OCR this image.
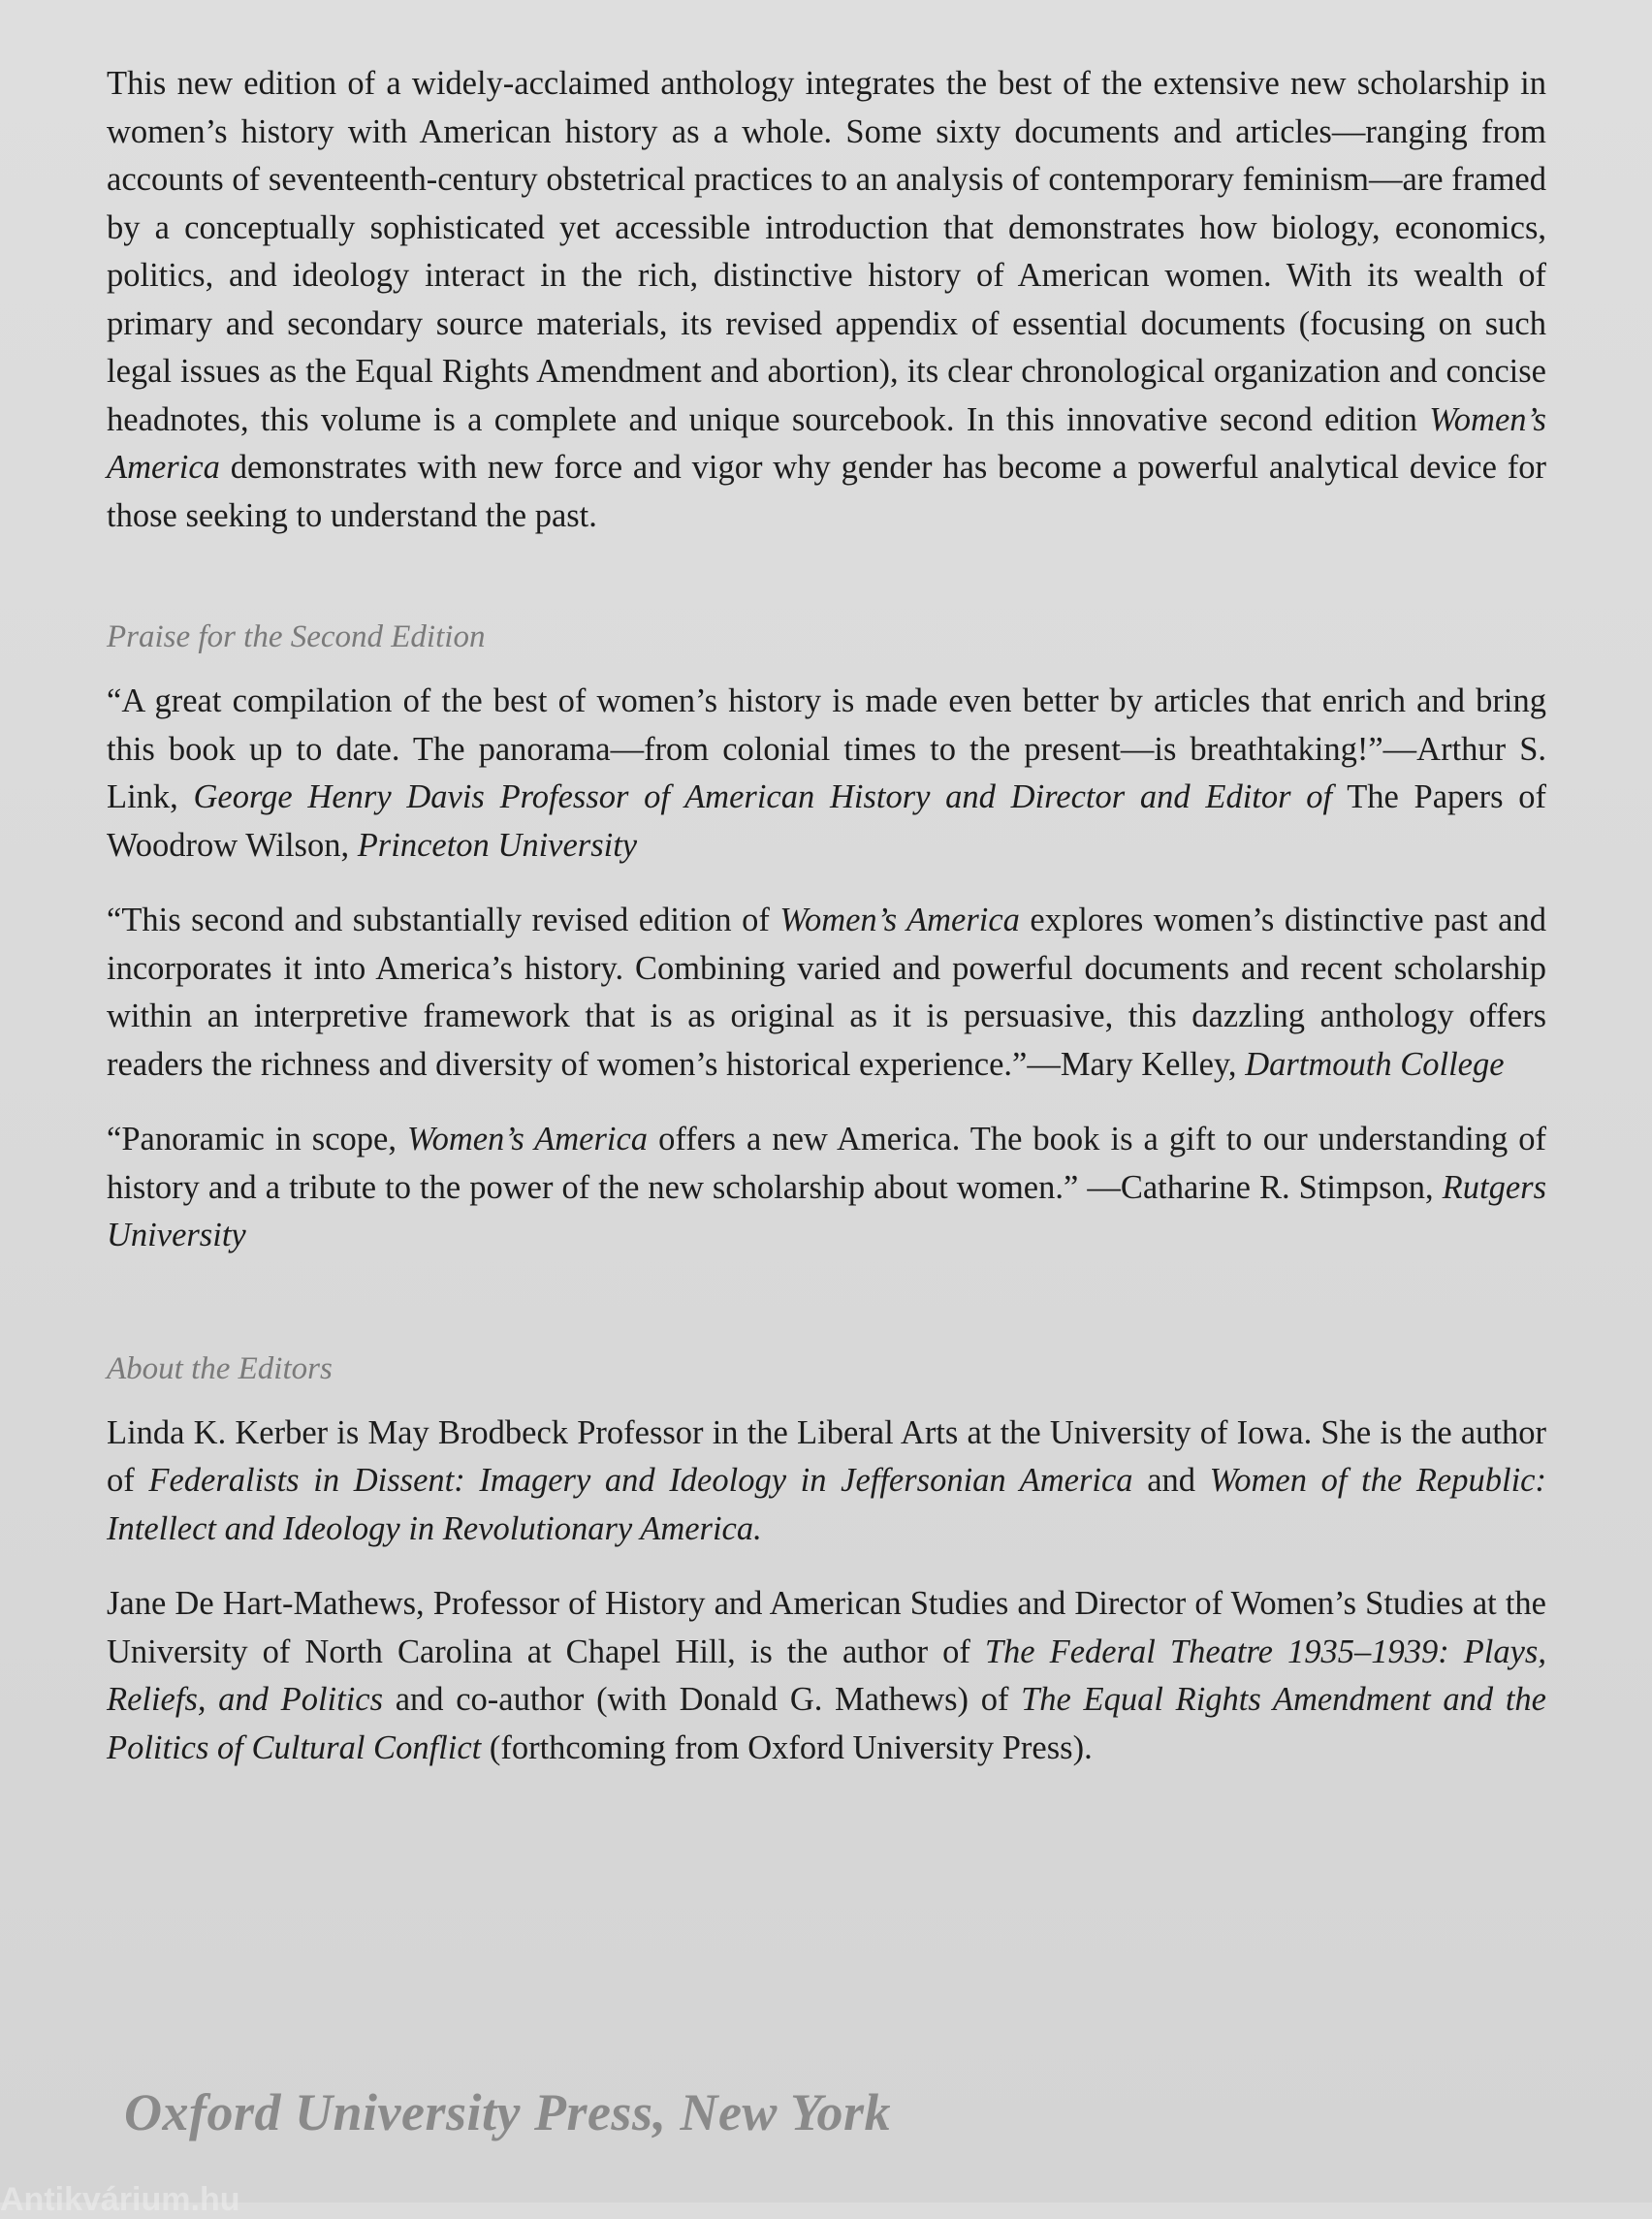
This new edition of a widely-acclaimed anthology integrates the best of the extensive new scholarship in women’s history with American history as a whole. Some sixty documents and articles—ranging from accounts of seventeenth-century obstetrical practices to an analysis of contemporary feminism—are framed by a conceptually sophisticated yet accessible introduction that demonstrates how biology, economics, politics, and ideology interact in the rich, distinctive history of American women. With its wealth of primary and secondary source materials, its revised appendix of essential documents (focusing on such legal issues as the Equal Rights Amendment and abortion), its clear chronological organization and concise headnotes, this volume is a complete and unique sourcebook. In this innovative second edition Women’s America demonstrates with new force and vigor why gender has become a powerful analytical device for those seeking to understand the past.

Praise for the Second Edition

“A great compilation of the best of women’s history is made even better by articles that enrich and bring this book up to date. The panorama—from colonial times to the present—is breathtaking!”—Arthur S. Link, George Henry Davis Professor of American History and Director and Editor of The Papers of Woodrow Wilson, Princeton University

“This second and substantially revised edition of Women’s America explores women’s distinctive past and incorporates it into America’s history. Combining varied and powerful documents and recent scholarship within an interpretive framework that is as original as it is persuasive, this dazzling anthology offers readers the richness and diversity of women’s historical experience.”—Mary Kelley, Dartmouth College

“Panoramic in scope, Women’s America offers a new America. The book is a gift to our understanding of history and a tribute to the power of the new scholarship about women.” —Catharine R. Stimpson, Rutgers University

About the Editors

Linda K. Kerber is May Brodbeck Professor in the Liberal Arts at the University of Iowa. She is the author of Federalists in Dissent: Imagery and Ideology in Jeffersonian America and Women of the Republic: Intellect and Ideology in Revolutionary America.

Jane De Hart-Mathews, Professor of History and American Studies and Director of Women’s Studies at the University of North Carolina at Chapel Hill, is the author of The Federal Theatre 1935–1939: Plays, Reliefs, and Politics and co-author (with Donald G. Mathews) of The Equal Rights Amendment and the Politics of Cultural Conflict (forthcoming from Oxford University Press).

Oxford University Press, New York
Antikvárium.hu
